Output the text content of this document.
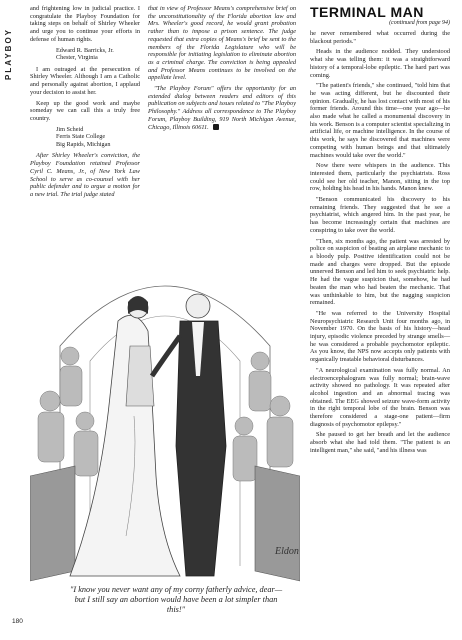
PLAYBOY

and frightening low in judicial practice. I congratulate the Playboy Foundation for taking steps on behalf of Shirley Wheeler and urge you to continue your efforts in defense of human rights.

Edward R. Barricks, Jr.
Chester, Virginia

I am outraged at the persecution of Shirley Wheeler. Although I am a Catholic and personally against abortion, I applaud your decision to assist her.

Keep up the good work and maybe someday we can call this a truly free country.

Jim Scheid
Ferris State College
Big Rapids, Michigan

After Shirley Wheeler's conviction, the Playboy Foundation retained Professor Cyril C. Means, Jr., of New York Law School to serve as co-counsel with her public defender and to argue a motion for a new trial. The trial judge stated

that in view of Professor Means's comprehensive brief on the unconstitutionality of the Florida abortion law and Mrs. Wheeler's good record, he would grant probation rather than to impose a prison sentence. The judge requested that extra copies of Means's brief be sent to the members of the Florida Legislature who will be responsible for initiating legislation to eliminate abortion as a criminal charge. The conviction is being appealed and Professor Means continues to be involved on the appellate level.

"The Playboy Forum" offers the opportunity for an extended dialog between readers and editors of this publication on subjects and issues related to "The Playboy Philosophy." Address all correspondence to The Playboy Forum, Playboy Building, 919 North Michigan Avenue, Chicago, Illinois 60611.

TERMINAL MAN
(continued from page 94)

he never remembered what occurred during the blackout periods."

Heads in the audience nodded. They understood what she was telling them: it was a straightforward history of a temporal-lobe epileptic. The hard part was coming.

"The patient's friends," she continued, "told him that he was acting different, but he discounted their opinion. Gradually, he has lost contact with most of his former friends. Around this time—one year ago—he also made what he called a monumental discovery in his work. Benson is a computer scientist specializing in artificial life, or machine intelligence. In the course of this work, he says he discovered that machines were competing with human beings and that ultimately machines would take over the world."

Now there were whispers in the audience. This interested them, particularly the psychiatrists. Ross could see her old teacher, Manon, sitting in the top row, holding his head in his hands. Manon knew.

"Benson communicated his discovery to his remaining friends. They suggested that he see a psychiatrist, which angered him. In the past year, he has become increasingly certain that machines are conspiring to take over the world.

"Then, six months ago, the patient was arrested by police on suspicion of beating an airplane mechanic to a bloody pulp. Positive identification could not be made and charges were dropped. But the episode unnerved Benson and led him to seek psychiatric help. He had the vague suspicion that, somehow, he had beaten the man who had beaten the mechanic. That was unthinkable to him, but the nagging suspicion remained.

"He was referred to the University Hospital Neuropsychiatric Research Unit four months ago, in November 1970. On the basis of his history—head injury, episodic violence preceded by strange smells—he was considered a probable psychomotor epileptic. As you know, the NPS now accepts only patients with organically treatable behavioral disturbances.

"A neurological examination was fully normal. An electroencephalogram was fully normal; brain-wave activity showed no pathology. It was repeated after alcohol ingestion and an abnormal tracing was obtained. The EEG showed seizure wave-form activity in the right temporal lobe of the brain. Benson was therefore considered a stage-one patient—firm diagnosis of psychomotor epilepsy."

She paused to get her breath and let the audience absorb what she had told them. "The patient is an intelligent man," she said, "and his illness was

Eldon
"I know you never want any of my corny fatherly advice, dear—but I still say an abortion would have been a lot simpler than this!"
180
